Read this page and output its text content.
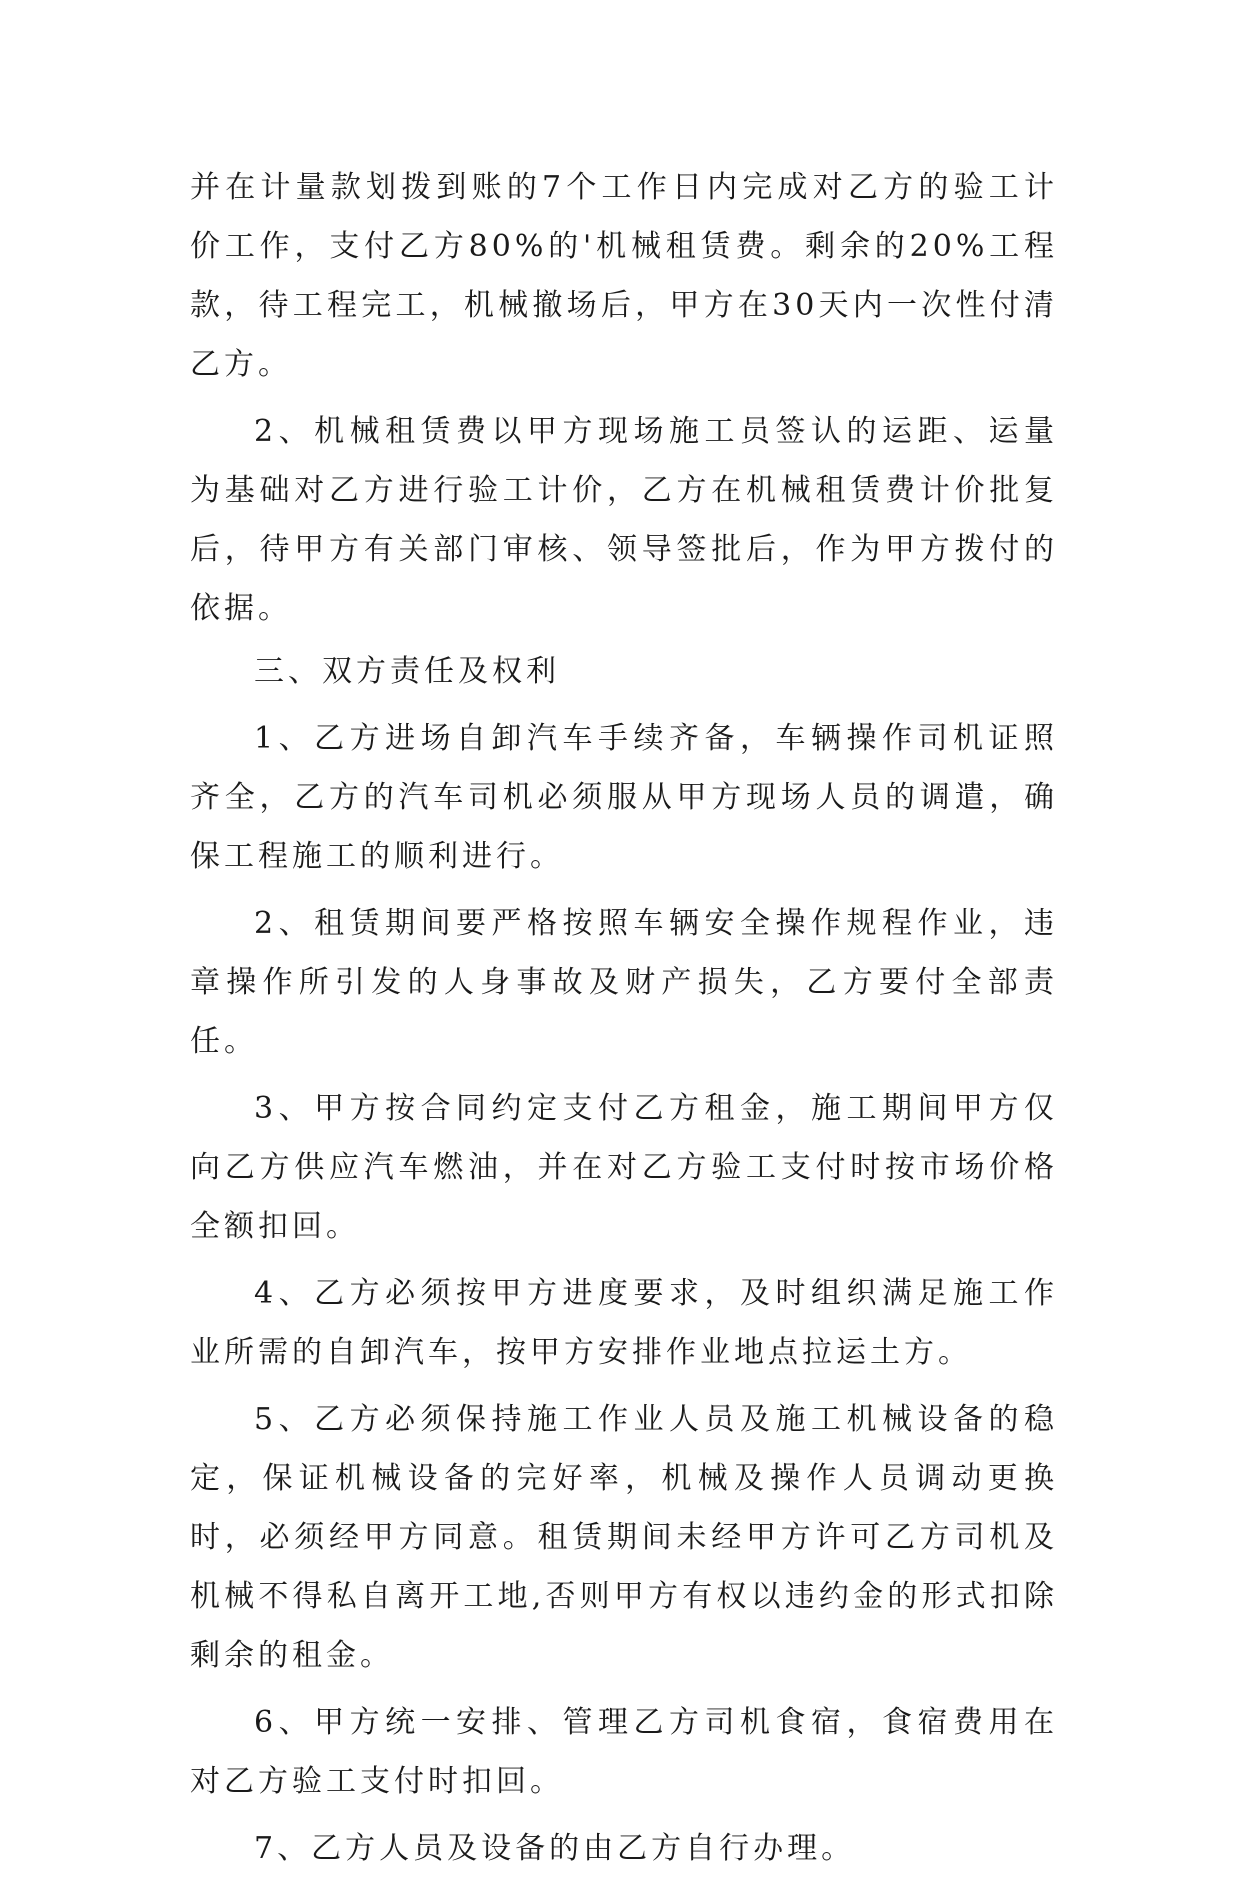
并在计量款划拨到账的7个工作日内完成对乙方的验工计价工作，支付乙方80%的'机械租赁费。剩余的20%工程款，待工程完工，机械撤场后，甲方在30天内一次性付清乙方。

2、机械租赁费以甲方现场施工员签认的运距、运量为基础对乙方进行验工计价，乙方在机械租赁费计价批复后，待甲方有关部门审核、领导签批后，作为甲方拨付的依据。

三、双方责任及权利

1、乙方进场自卸汽车手续齐备，车辆操作司机证照齐全，乙方的汽车司机必须服从甲方现场人员的调遣，确保工程施工的顺利进行。

2、租赁期间要严格按照车辆安全操作规程作业，违章操作所引发的人身事故及财产损失，乙方要付全部责任。

3、甲方按合同约定支付乙方租金，施工期间甲方仅向乙方供应汽车燃油，并在对乙方验工支付时按市场价格全额扣回。

4、乙方必须按甲方进度要求，及时组织满足施工作业所需的自卸汽车，按甲方安排作业地点拉运土方。

5、乙方必须保持施工作业人员及施工机械设备的稳定，保证机械设备的完好率，机械及操作人员调动更换时，必须经甲方同意。租赁期间未经甲方许可乙方司机及机械不得私自离开工地,否则甲方有权以违约金的形式扣除剩余的租金。

6、甲方统一安排、管理乙方司机食宿，食宿费用在对乙方验工支付时扣回。

7、乙方人员及设备的由乙方自行办理。
